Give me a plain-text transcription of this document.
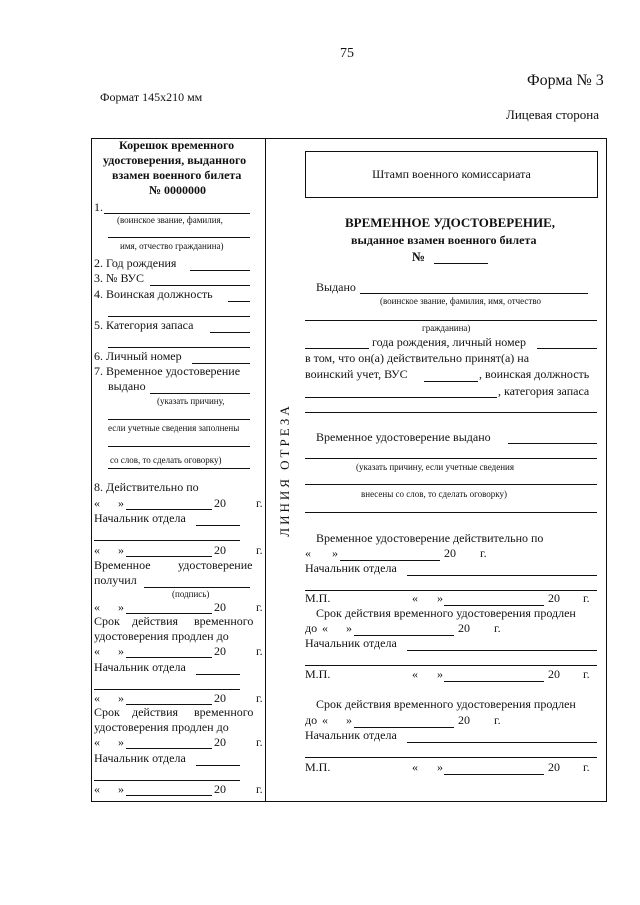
75
Форма № 3
Формат 145х210 мм
Лицевая сторона
ЛИНИЯ ОТРЕЗА
Корешок временного
удостоверения, выданного
взамен военного билета
№ 0000000
1.
(воинское звание, фамилия,
имя, отчество гражданина)
2. Год рождения
3. № ВУС
4. Воинская должность
5. Категория запаса
6. Личный номер
7. Временное удостоверение
выдано
(указать причину,
если учетные сведения заполнены
со слов, то сделать оговорку)
8. Действительно по
« »	20	г.
Начальник отдела
« »	20	г.
Временное удостоверение
получил
(подпись)
« »	20	г.
Срок действия временного
удостоверения продлен до
« »	20	г.
Начальник отдела
« »	20	г.
Срок действия временного
удостоверения продлен до
« »	20	г.
Начальник отдела
« »	20	г.
Штамп военного комиссариата
ВРЕМЕННОЕ УДОСТОВЕРЕНИЕ,
выданное взамен военного билета
№
Выдано
(воинское звание, фамилия, имя, отчество
гражданина)
года рождения, личный номер
в том, что он(а) действительно принят(а) на
воинский учет, ВУС	, воинская должность
, категория запаса
Временное удостоверение выдано
(указать причину, если учетные сведения
внесены со слов, то сделать оговорку)
Временное удостоверение действительно по
« »	20 г.
Начальник отдела
М.П.	« »	20 г.
Срок действия временного удостоверения продлен
до « »	20 г.
Начальник отдела
М.П.	« »	20 г.
Срок действия временного удостоверения продлен
до « »	20 г.
Начальник отдела
М.П.	« »	20 г.
